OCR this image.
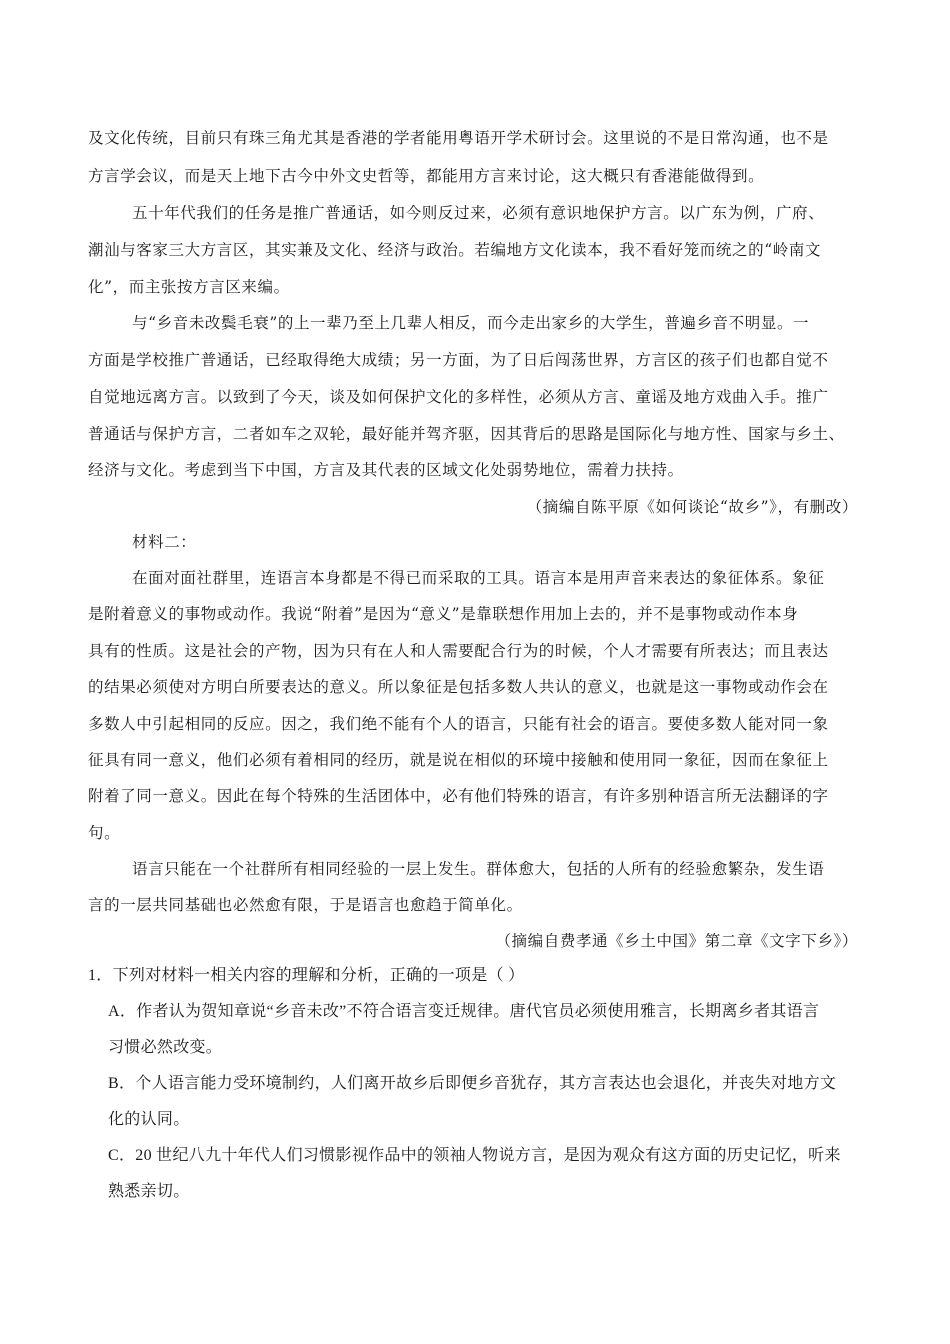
及文化传统，目前只有珠三角尤其是香港的学者能用粤语开学术研讨会。这里说的不是日常沟通，也不是
方言学会议，而是天上地下古今中外文史哲等，都能用方言来讨论，这大概只有香港能做得到。
五十年代我们的任务是推广普通话，如今则反过来，必须有意识地保护方言。以广东为例，广府、
潮汕与客家三大方言区，其实兼及文化、经济与政治。若编地方文化读本，我不看好笼而统之的“岭南文
化”，而主张按方言区来编。
与“乡音未改鬓毛衰”的上一辈乃至上几辈人相反，而今走出家乡的大学生，普遍乡音不明显。一
方面是学校推广普通话，已经取得绝大成绩；另一方面，为了日后闯荡世界，方言区的孩子们也都自觉不
自觉地远离方言。以致到了今天，谈及如何保护文化的多样性，必须从方言、童谣及地方戏曲入手。推广
普通话与保护方言，二者如车之双轮，最好能并驾齐驱，因其背后的思路是国际化与地方性、国家与乡土、
经济与文化。考虑到当下中国，方言及其代表的区域文化处弱势地位，需着力扶持。
（摘编自陈平原《如何谈论“故乡”》，有删改）
材料二：
在面对面社群里，连语言本身都是不得已而采取的工具。语言本是用声音来表达的象征体系。象征
是附着意义的事物或动作。我说“附着”是因为“意义”是靠联想作用加上去的，并不是事物或动作本身
具有的性质。这是社会的产物，因为只有在人和人需要配合行为的时候，个人才需要有所表达；而且表达
的结果必须使对方明白所要表达的意义。所以象征是包括多数人共认的意义，也就是这一事物或动作会在
多数人中引起相同的反应。因之，我们绝不能有个人的语言，只能有社会的语言。要使多数人能对同一象
征具有同一意义，他们必须有着相同的经历，就是说在相似的环境中接触和使用同一象征，因而在象征上
附着了同一意义。因此在每个特殊的生活团体中，必有他们特殊的语言，有许多别种语言所无法翻译的字
句。
语言只能在一个社群所有相同经验的一层上发生。群体愈大，包括的人所有的经验愈繁杂，发生语
言的一层共同基础也必然愈有限，于是语言也愈趋于简单化。
（摘编自费孝通《乡土中国》第二章《文字下乡》）
1．下列对材料一相关内容的理解和分析，正确的一项是（ ）
A．作者认为贺知章说“乡音未改”不符合语言变迁规律。唐代官员必须使用雅言，长期离乡者其语言
习惯必然改变。
B．个人语言能力受环境制约，人们离开故乡后即便乡音犹存，其方言表达也会退化，并丧失对地方文
化的认同。
C．20 世纪八九十年代人们习惯影视作品中的领袖人物说方言，是因为观众有这方面的历史记忆，听来
熟悉亲切。
